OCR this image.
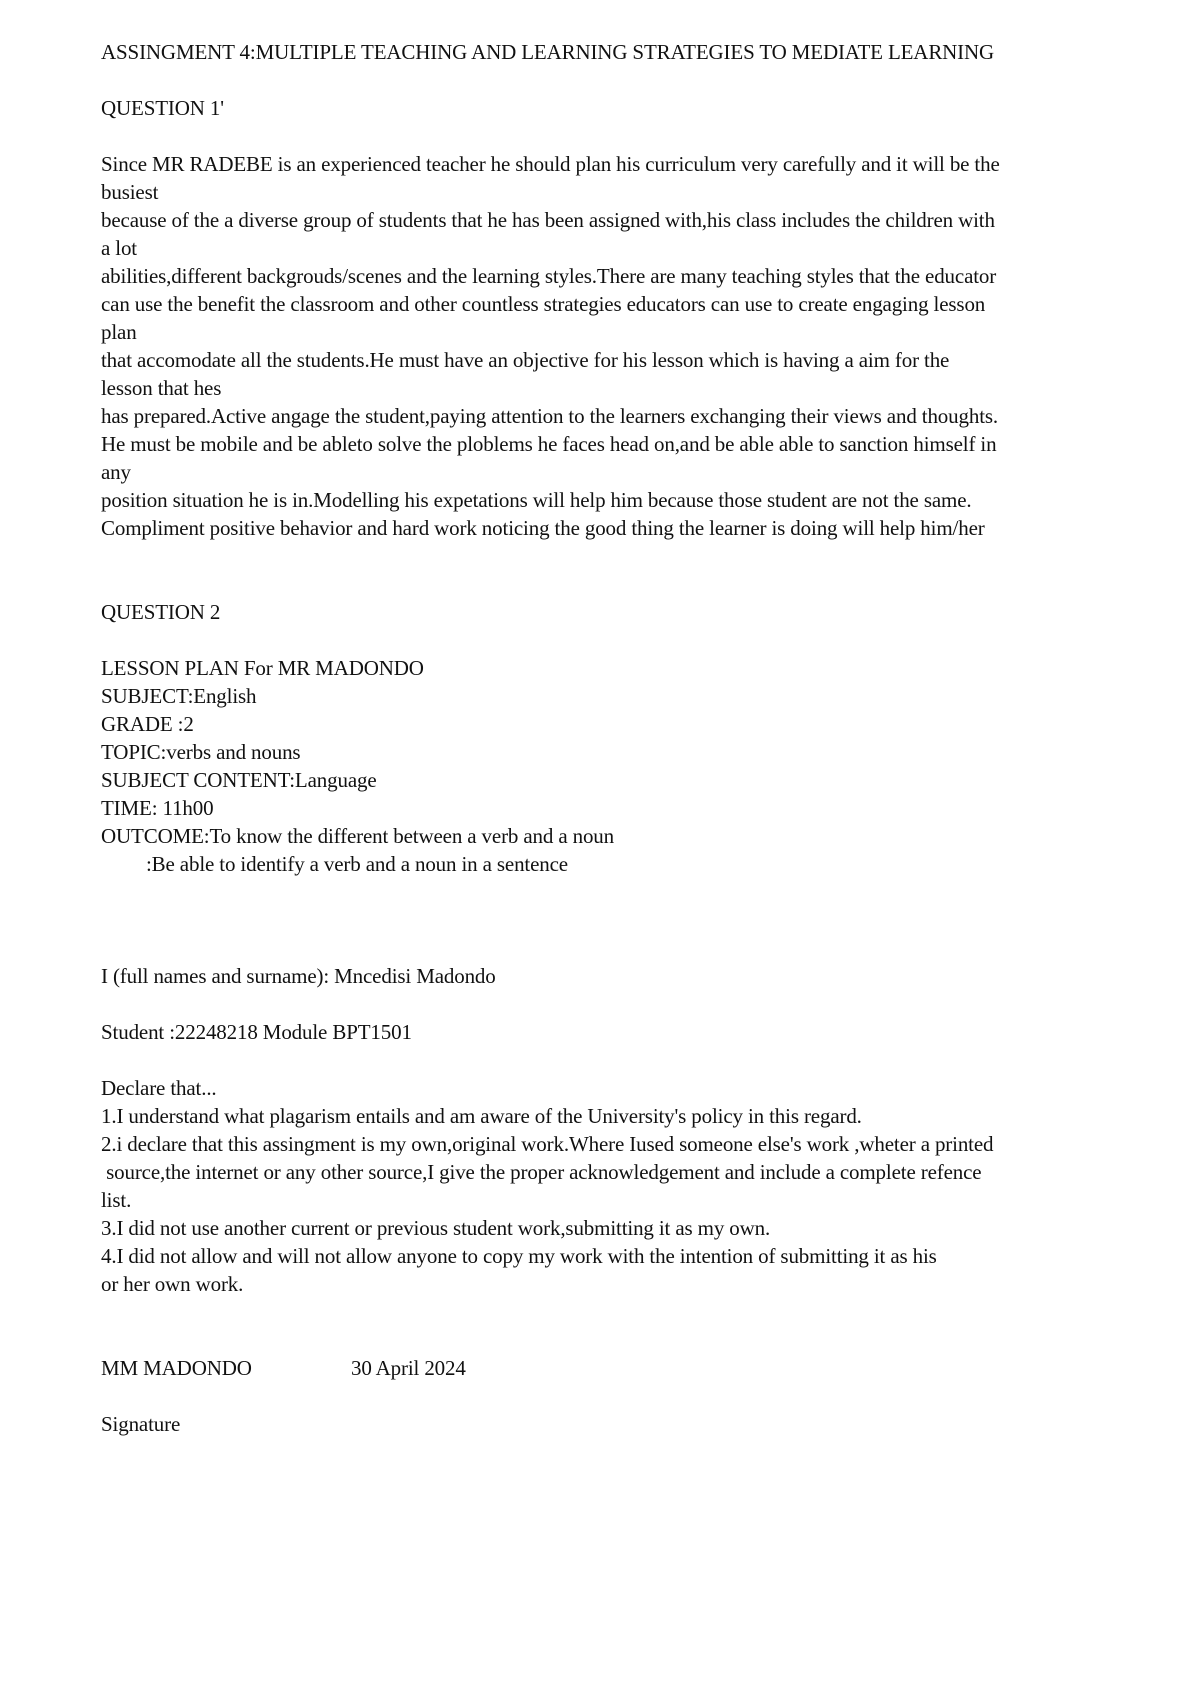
ASSINGMENT 4:MULTIPLE TEACHING AND LEARNING STRATEGIES TO MEDIATE LEARNING
QUESTION 1'
Since MR RADEBE is an experienced teacher he should plan his curriculum very carefully and it will be the
busiest
because of the a diverse group of students that he has been assigned with,his class includes the children with
a lot
abilities,different backgrouds/scenes and the learning styles.There are many teaching styles that the educator
can use the benefit the classroom and other countless strategies educators can use to create engaging lesson
plan
that accomodate all the students.He must have an objective for his lesson which is having a aim for the
lesson that hes
has prepared.Active angage the student,paying attention to the learners exchanging their views and thoughts.
He must be mobile and be ableto solve the ploblems he faces head on,and be able able to sanction himself in
any
position situation he is in.Modelling his expetations will help him because those student are not the same.
Compliment positive behavior and hard work noticing the good thing the learner is doing will help him/her
QUESTION 2
LESSON PLAN For MR MADONDO
SUBJECT:English
GRADE :2
TOPIC:verbs and nouns
SUBJECT CONTENT:Language
TIME: 11h00
OUTCOME:To know the different between a verb and a noun
:Be able to identify a verb and a noun in a sentence
I (full names and surname): Mncedisi Madondo
Student :22248218 Module BPT1501
Declare that...
1.I understand what plagarism entails and am aware of the University's policy in this regard.
2.i declare that this assingment is my own,original work.Where Iused someone else's work ,wheter a printed
source,the internet or any other source,I give the proper acknowledgement and include a complete refence
list.
3.I did not use another current or previous student work,submitting it as my own.
4.I did not allow and will not allow anyone to copy my work with the intention of submitting it as his
or her own work.
MM MADONDO	30 April 2024
Signature
